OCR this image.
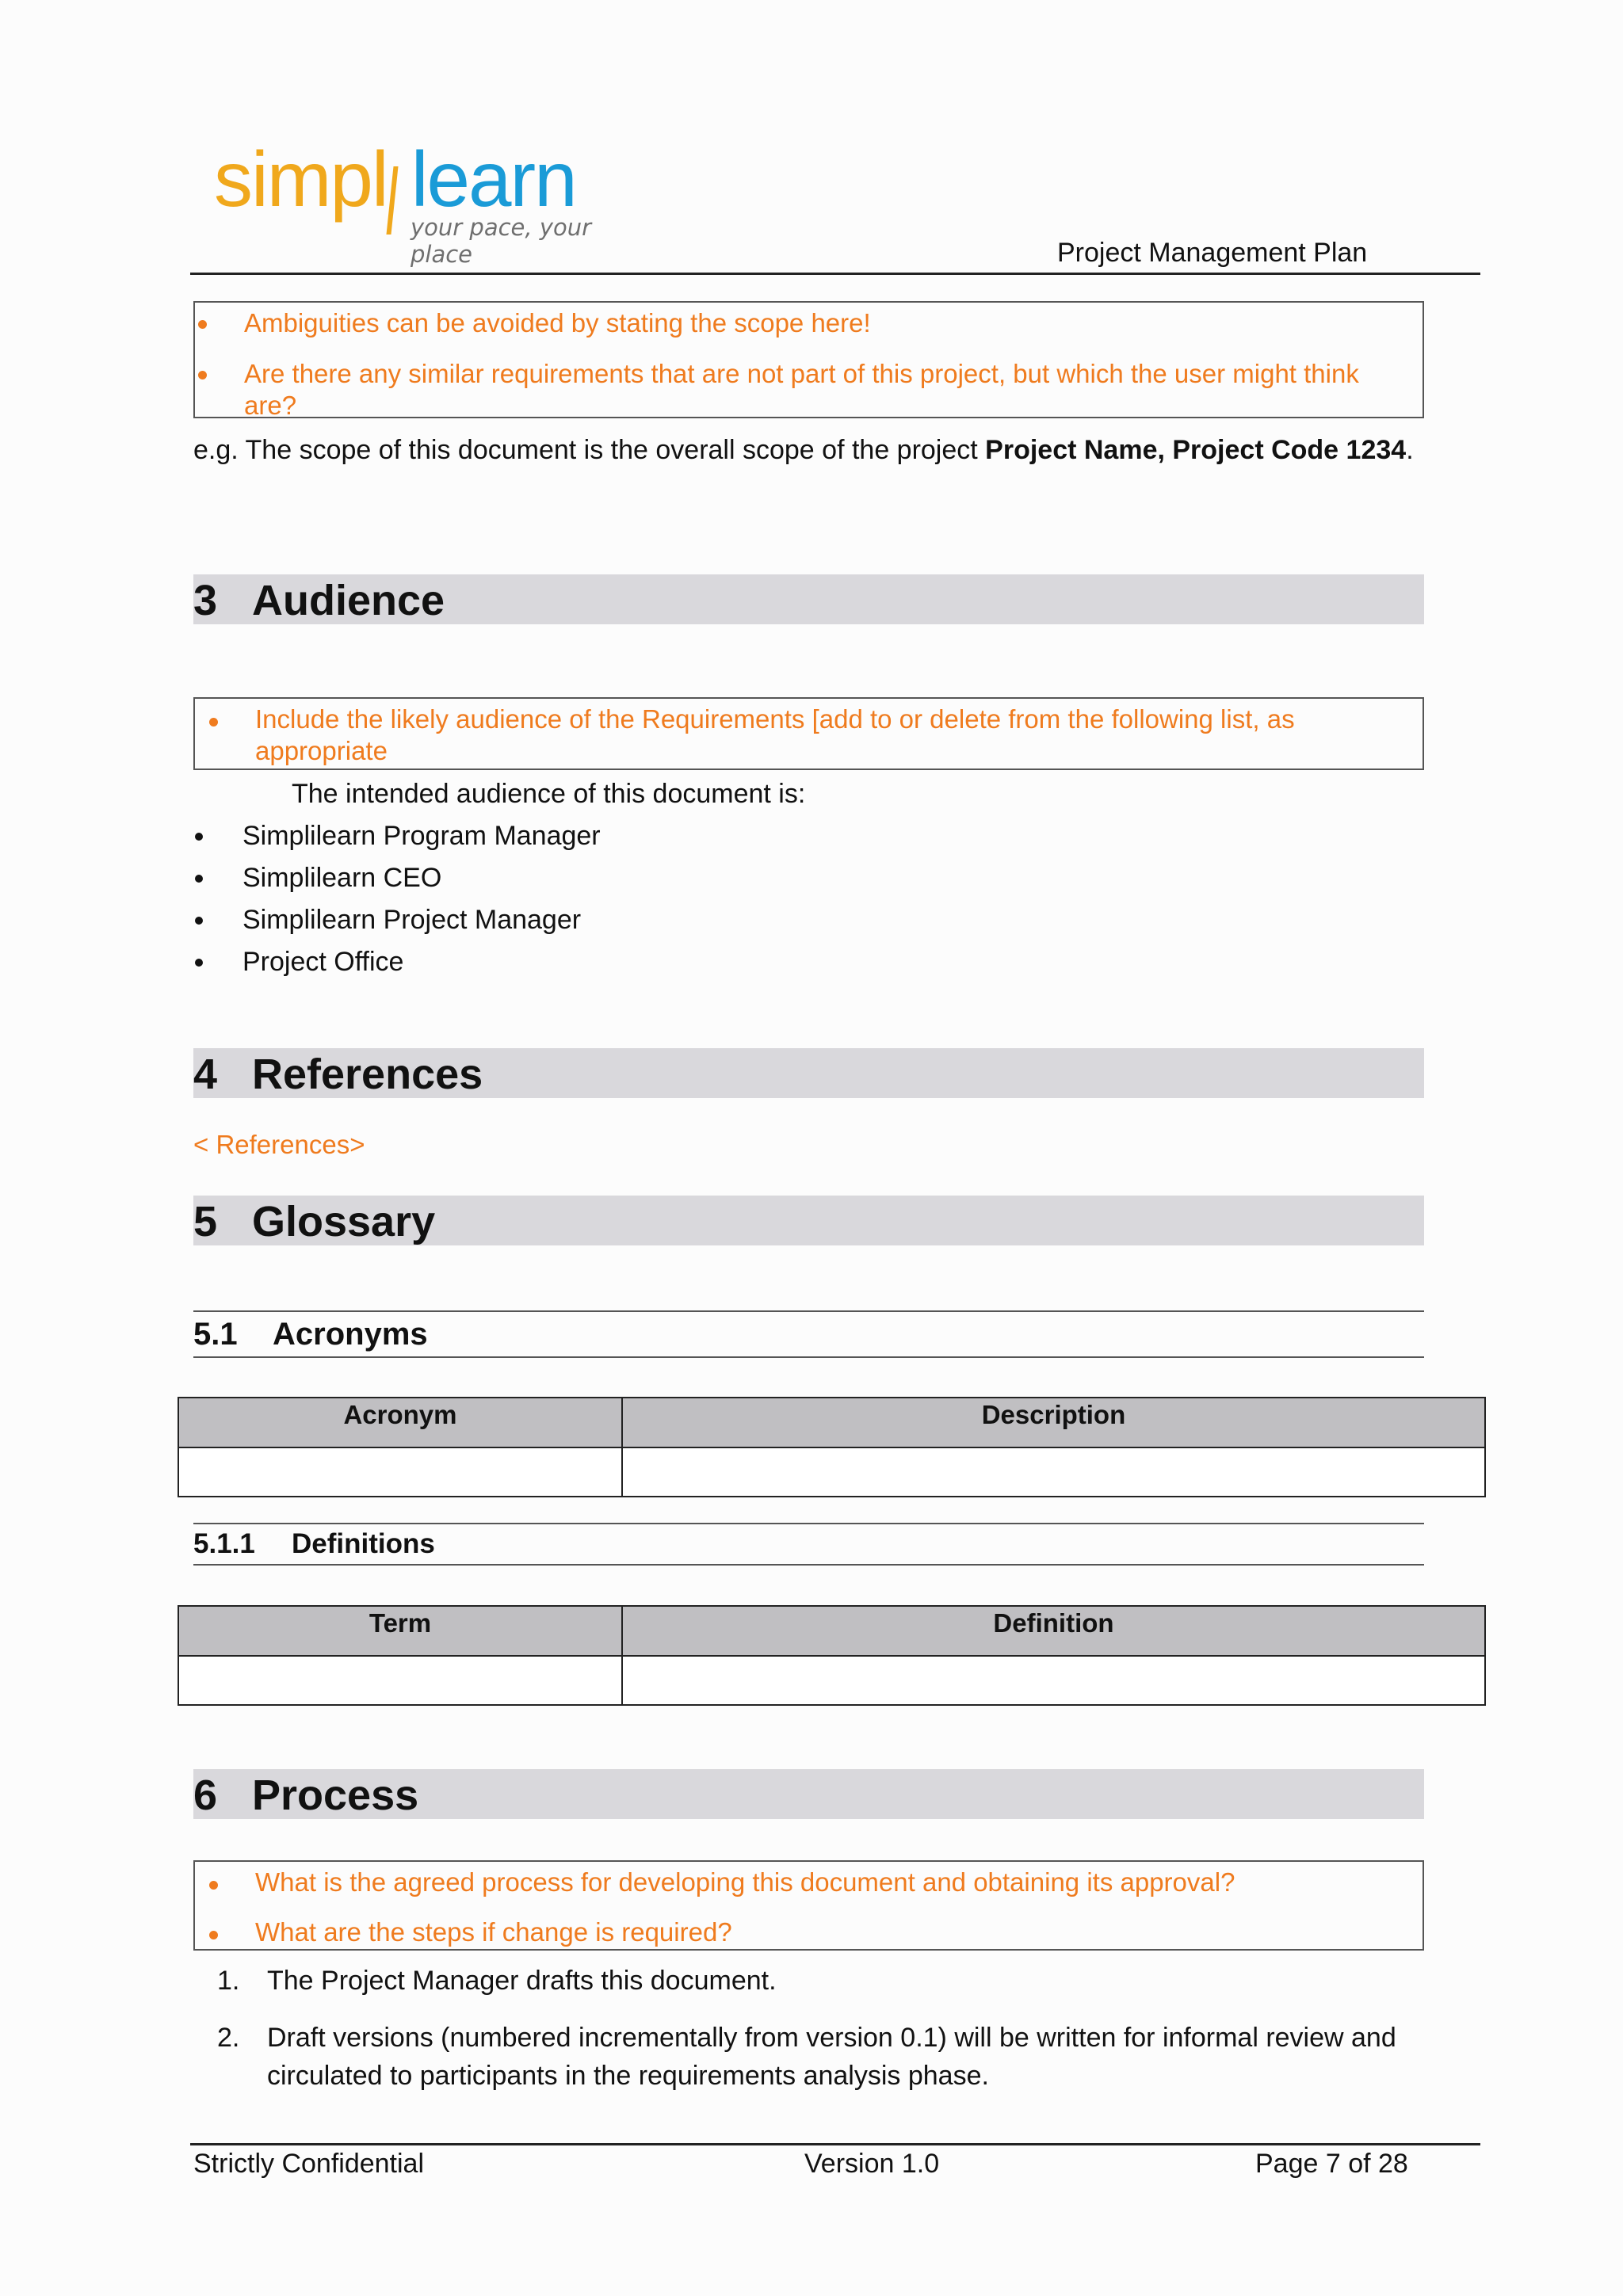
simpl learn
your pace, your place	Project Management Plan
Ambiguities can be avoided by stating the scope here!
Are there any similar requirements that are not part of this project, but which the user might think are?
e.g. The scope of this document is the overall scope of the project Project Name, Project Code 1234.
3 Audience
Include the likely audience of the Requirements [add to or delete from the following list, as appropriate
The intended audience of this document is:
Simplilearn Program Manager
Simplilearn CEO
Simplilearn Project Manager
Project Office
4 References
< References>
5 Glossary
5.1 Acronyms
Acronym	Description

5.1.1 Definitions
Term	Definition

6 Process
What is the agreed process for developing this document and obtaining its approval?
What are the steps if change is required?
1. The Project Manager drafts this document.
2. Draft versions (numbered incrementally from version 0.1) will be written for informal review and
circulated to participants in the requirements analysis phase.
Strictly Confidential	Version 1.0	Page 7 of 28
